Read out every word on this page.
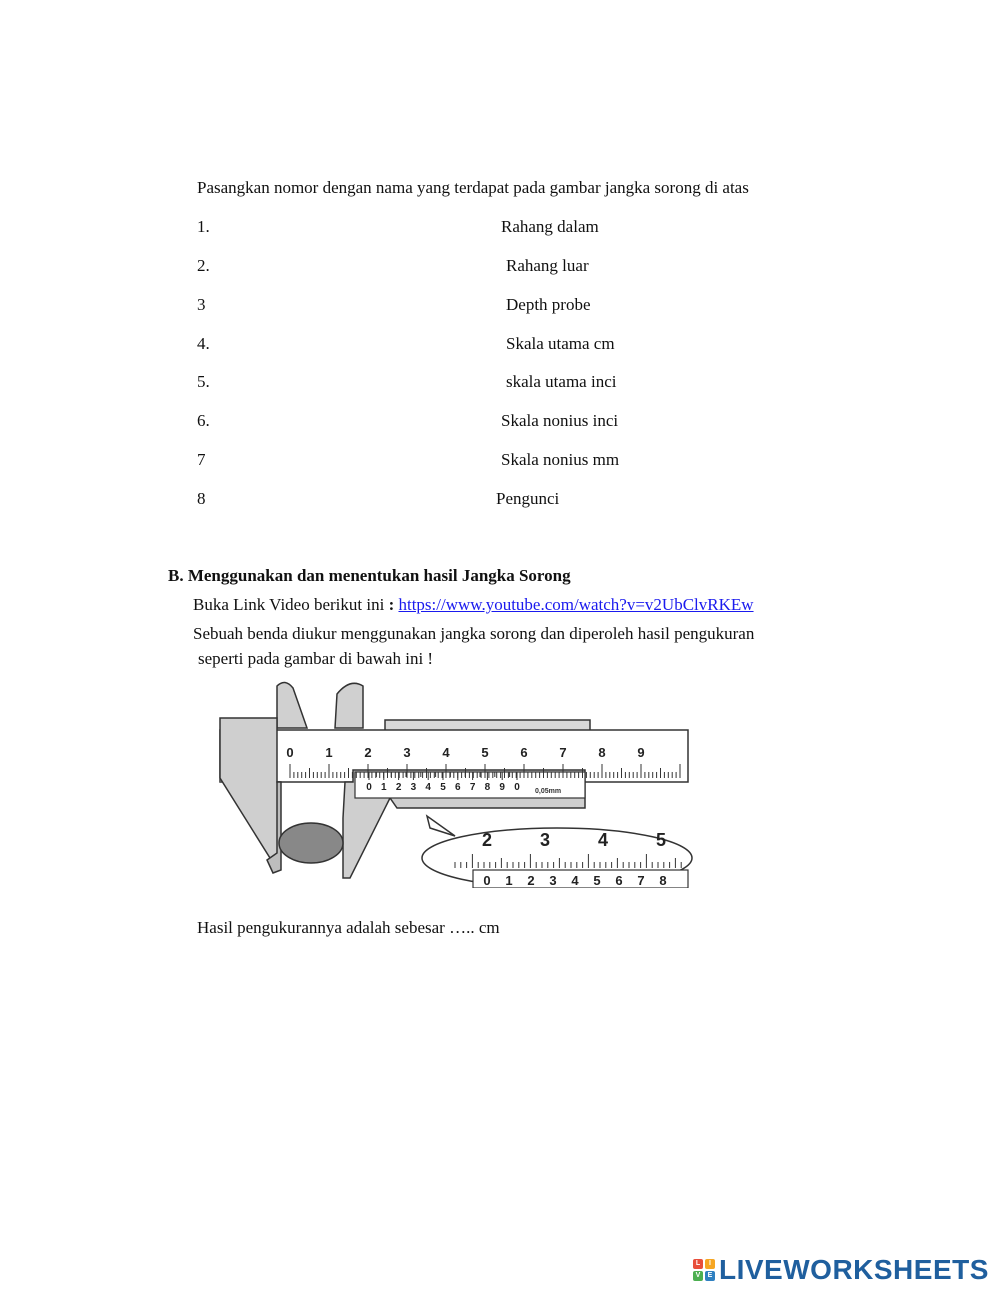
Pasangkan nomor dengan nama yang terdapat pada gambar jangka sorong di atas
1.	Rahang dalam
2.	Rahang luar
3	Depth probe
4.	Skala utama cm
5.	skala utama inci
6.	Skala nonius inci
7	Skala nonius mm
8	Pengunci
B. Menggunakan dan menentukan hasil Jangka Sorong
Buka Link Video berikut ini : https://www.youtube.com/watch?v=v2UbClvRKEw
Sebuah benda diukur menggunakan jangka sorong dan diperoleh hasil pengukuran
seperti pada gambar di bawah ini !
0 1 2 3 4 5 6 7 8 9
0 1 2 3 4 5 6 7 8 9 0 0,05mm
2	3	4	5
0 1 2 3 4 5 6 7 8
Hasil pengukurannya adalah sebesar ….. cm
L	I
V	E LIVEWORKSHEETS
